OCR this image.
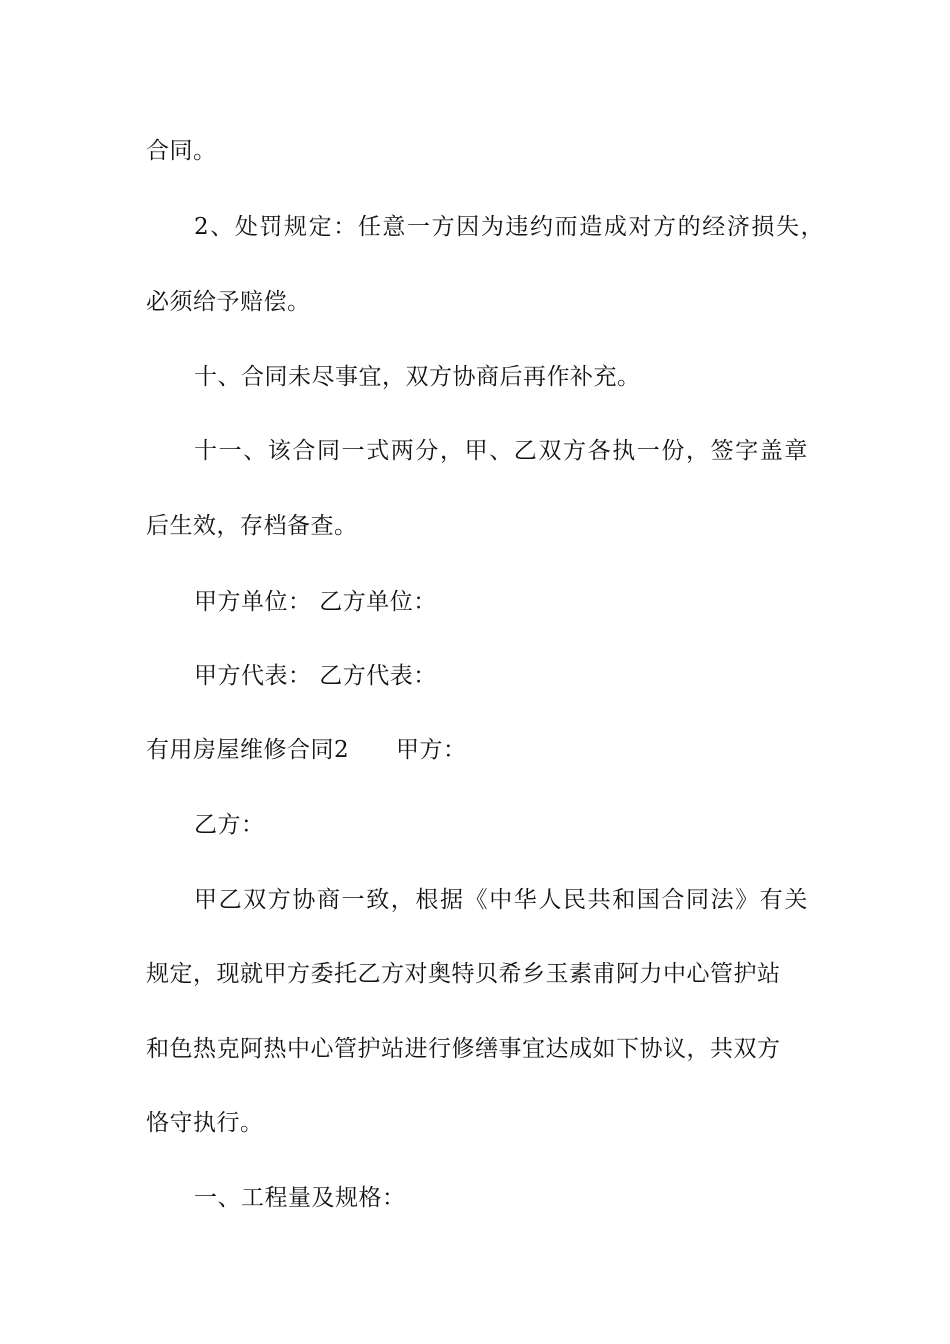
合同。
2、处罚规定：任意一方因为违约而造成对方的经济损失，
必须给予赔偿。
十、合同未尽事宜，双方协商后再作补充。
十一、该合同一式两分，甲、乙双方各执一份，签字盖章
后生效，存档备查。
甲方单位： 乙方单位：
甲方代表： 乙方代表：
有用房屋维修合同2      甲方：
乙方：
甲乙双方协商一致，根据《中华人民共和国合同法》有关
规定，现就甲方委托乙方对奥特贝希乡玉素甫阿力中心管护站
和色热克阿热中心管护站进行修缮事宜达成如下协议，共双方
恪守执行。
一、工程量及规格：
